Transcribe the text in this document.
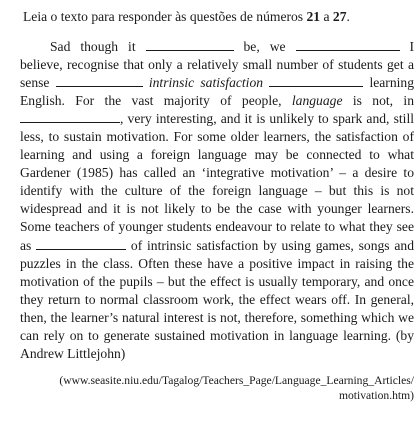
Leia o texto para responder às questões de números 21 a 27.

Sad though it	be, we	I believe, recognise that only a relatively small number of students get a sense	intrinsic satisfaction	learning English. For the vast majority of people, language is not, in , very interesting, and it is unlikely to spark and, still less, to sustain motivation. For some older learners, the satisfaction of learning and using a foreign language may be connected to what Gardener (1985) has called an ‘integrative motivation’ – a desire to identify with the culture of the foreign language – but this is not widespread and it is not likely to be the case with younger learners. Some teachers of younger students endeavour to relate to what they see as	of intrinsic satisfaction by using games, songs and puzzles in the class. Often these have a positive impact in raising the motivation of the pupils – but the effect is usually temporary, and once they return to normal classroom work, the effect wears off. In general, then, the learner’s natural interest is not, therefore, something which we can rely on to generate sustained motivation in language learning. (by Andrew Littlejohn)

(www.seasite.niu.edu/Tagalog/Teachers_Page/Language_Learning_Articles/
motivation.htm)
